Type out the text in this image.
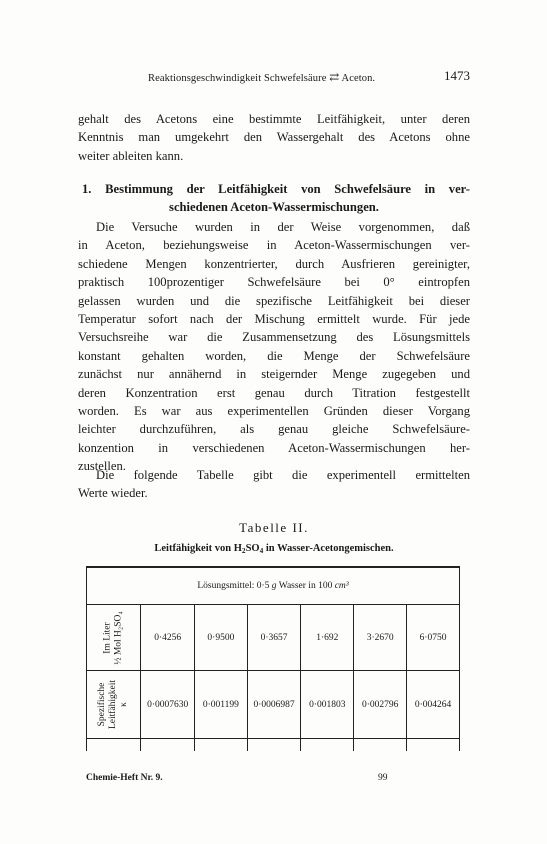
Reaktionsgeschwindigkeit Schwefelsäure ⇄ Aceton.	1473
gehalt des Acetons eine bestimmte Leitfähigkeit, unter deren
Kenntnis man umgekehrt den Wassergehalt des Acetons ohne
weiter ableiten kann.
1. Bestimmung der Leitfähigkeit von Schwefelsäure in ver-
schiedenen Aceton-Wassermischungen.
Die Versuche wurden in der Weise vorgenommen, daß
in Aceton, beziehungsweise in Aceton-Wassermischungen ver-
schiedene Mengen konzentrierter, durch Ausfrieren gereinigter,
praktisch 100prozentiger Schwefelsäure bei 0° eintropfen
gelassen wurden und die spezifische Leitfähigkeit bei dieser
Temperatur sofort nach der Mischung ermittelt wurde. Für jede
Versuchsreihe war die Zusammensetzung des Lösungsmittels
konstant gehalten worden, die Menge der Schwefelsäure
zunächst nur annähernd in steigernder Menge zugegeben und
deren Konzentration erst genau durch Titration festgestellt
worden. Es war aus experimentellen Gründen dieser Vorgang
leichter durchzuführen, als genau gleiche Schwefelsäure-
konzention in verschiedenen Aceton-Wassermischungen her-
zustellen.
Die folgende Tabelle gibt die experimentell ermittelten
Werte wieder.
Tabelle II.
Leitfähigkeit von $H_2SO_4$ in Wasser-Acetongemischen.
Lösungsmittel: 0·5 g Wasser in 100 cm³						
Im Liter
½ Mol H₂SO₄	0·4256	0·9500	0·3657	1·692	3·2670	6·0750
Spezifische
Leitfähigkeit
κ	0·0007630	0·001199	0·0006987	0·001803	0·002796	0·004264

Chemie-Heft Nr. 9.	99
